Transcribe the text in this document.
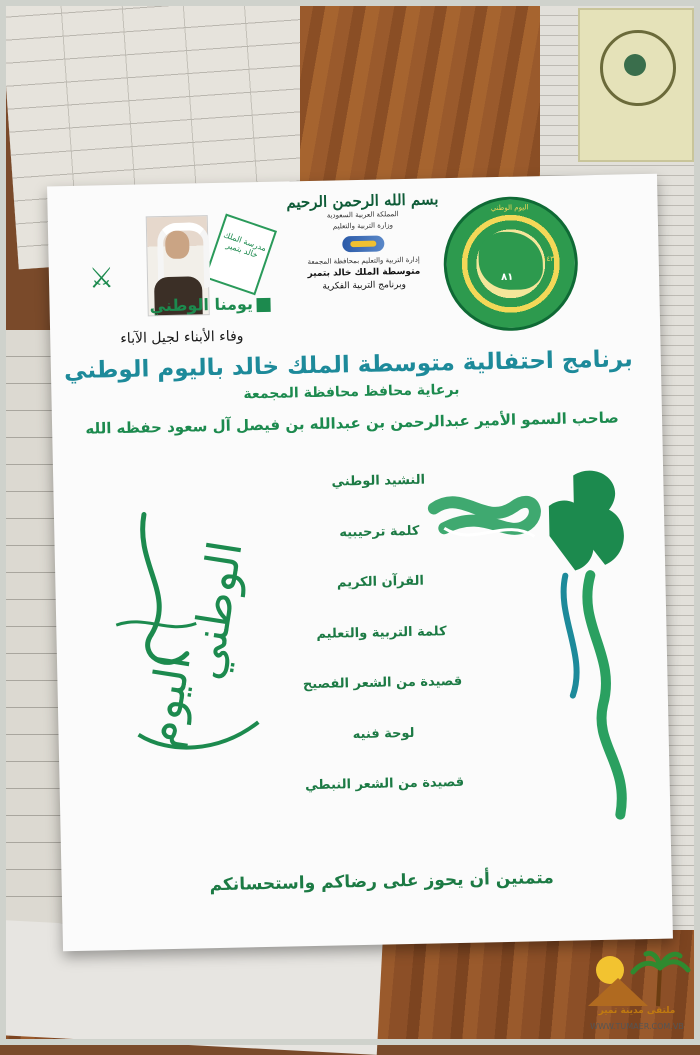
اليوم الوطني
٨١
١٤٣٢
بسم الله الرحمن الرحيم
المملكة العربية السعودية
وزارة التربية والتعليم
إدارة التربية والتعليم بمحافظة المجمعة
متوسطة الملك خالد بتمير
وبرنامج التربية الفكرية
مدرسة الملك خالد بتمير
⚔
يومنا الوطني
وفاء الأبناء لجيل الآباء
برنامج احتفالية متوسطة الملك خالد باليوم الوطني
برعاية محافظ محافظة المجمعة
صاحب السمو الأمير عبدالرحمن بن عبدالله بن فيصل آل سعود حفظه الله
النشيد الوطني
كلمة ترحيبيه
القرآن الكريم
كلمة التربية والتعليم
قصيدة من الشعر الفصيح
لوحة فنيه
قصيدة من الشعر النبطي
الوطني
اليوم
متمنين أن يحوز على رضاكم واستحسانكم
ملتقى مدينة تمير
WWW.TUMAER.COM.VB
